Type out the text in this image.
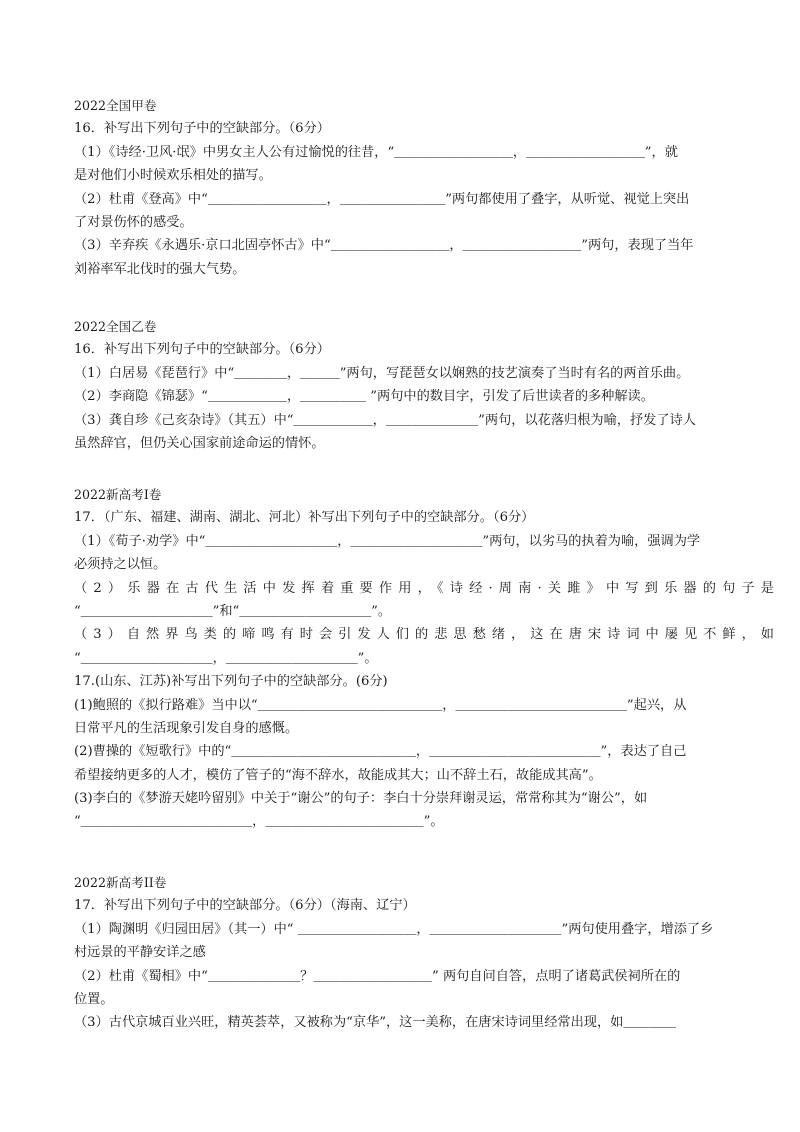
2022全国甲卷
16．补写出下列句子中的空缺部分。（6分）
（1）《诗经·卫风·氓》中男女主人公有过愉悦的往昔，“＿＿＿＿＿＿＿＿＿，＿＿＿＿＿＿＿＿＿”，就
是对他们小时候欢乐相处的描写。
（2）杜甫《登高》中“＿＿＿＿＿＿＿＿＿，＿＿＿＿＿＿＿＿”两句都使用了叠字，从听觉、视觉上突出
了对景伤怀的感受。
（3）辛弃疾《永遇乐·京口北固亭怀古》中“＿＿＿＿＿＿＿＿＿，＿＿＿＿＿＿＿＿＿”两句，表现了当年
刘裕率军北伐时的强大气势。
2022全国乙卷
16．补写出下列句子中的空缺部分。（6分）
（1）白居易《琵琶行》中“＿＿＿＿，＿＿＿”两句，写琵琶女以娴熟的技艺演奏了当时有名的两首乐曲。
（2）李商隐《锦瑟》“＿＿＿＿＿＿，＿＿＿＿＿ ”两句中的数目字，引发了后世读者的多种解读。
（3）龚自珍《己亥杂诗》（其五）中“＿＿＿＿＿＿，＿＿＿＿＿＿＿”两句，以花落归根为喻，抒发了诗人
虽然辞官，但仍关心国家前途命运的情怀。
2022新高考Ⅰ卷
17．（广东、福建、湖南、湖北、河北）补写出下列句子中的空缺部分。（6分）
（1）《荀子·劝学》中“＿＿＿＿＿＿＿＿＿＿，＿＿＿＿＿＿＿＿＿＿”两句，以劣马的执着为喻，强调为学
必须持之以恒。
（2）乐器在古代生活中发挥着重要作用，《诗经·周南·关雎》中写到乐器的句子是
“＿＿＿＿＿＿＿＿＿＿”和“＿＿＿＿＿＿＿＿＿＿”。
（3）自然界鸟类的啼鸣有时会引发人们的悲思愁绪，这在唐宋诗词中屡见不鲜，如
“＿＿＿＿＿＿＿＿＿＿，＿＿＿＿＿＿＿＿＿＿”。
17.(山东、江苏)补写出下列句子中的空缺部分。(6分)
(1)鲍照的《拟行路难》当中以“＿＿＿＿＿＿＿＿＿＿＿＿＿＿，＿＿＿＿＿＿＿＿＿＿＿＿＿”起兴，从
日常平凡的生活现象引发自身的感慨。
(2)曹操的《短歌行》中的“＿＿＿＿＿＿＿＿＿＿＿＿＿＿，＿＿＿＿＿＿＿＿＿＿＿＿＿”，表达了自己
希望接纳更多的人才，模仿了管子的“海不辞水，故能成其大；山不辞土石，故能成其高”。
(3)李白的《梦游天姥吟留别》中关于“谢公”的句子：李白十分崇拜谢灵运，常常称其为“谢公”，如
“＿＿＿＿＿＿＿＿＿＿＿＿＿，＿＿＿＿＿＿＿＿＿＿＿＿”。
2022新高考II卷
17．补写出下列句子中的空缺部分。（6分）（海南、辽宁）
（1）陶渊明《归园田居》（其一）中“ ＿＿＿＿＿＿＿＿＿，＿＿＿＿＿＿＿＿＿＿”两句使用叠字，增添了乡
村远景的平静安详之感
（2）杜甫《蜀相》中“＿＿＿＿＿＿＿？＿＿＿＿＿＿＿＿＿” 两句自问自答，点明了诸葛武侯祠所在的
位置。
（3）古代京城百业兴旺，精英荟萃，又被称为“京华”，这一美称，在唐宋诗词里经常出现，如＿＿＿＿
